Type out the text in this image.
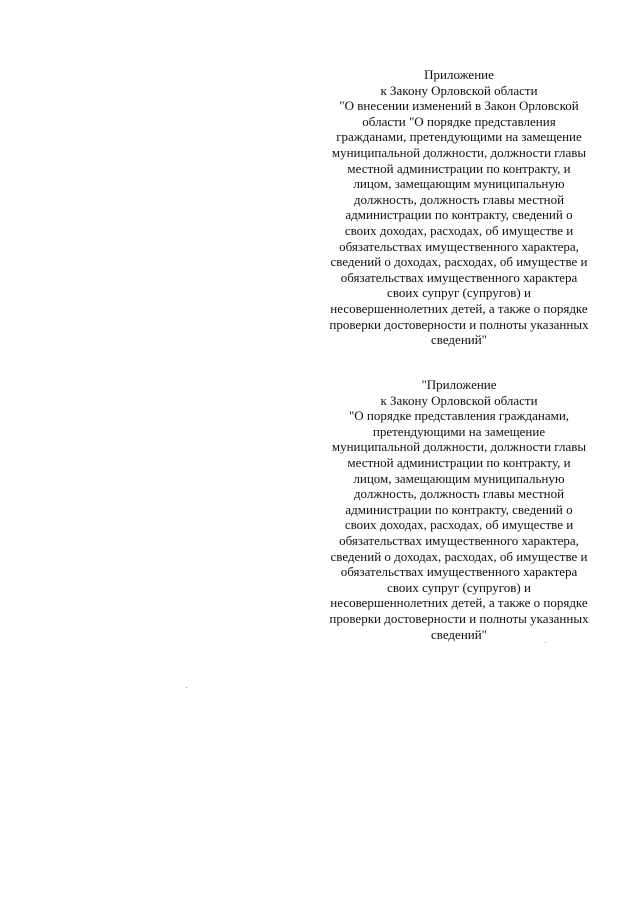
Приложение
к Закону Орловской области
"О внесении изменений в Закон Орловской
области "О порядке представления
гражданами, претендующими на замещение
муниципальной должности, должности главы
местной администрации по контракту, и
лицом, замещающим муниципальную
должность, должность главы местной
администрации по контракту, сведений о
своих доходах, расходах, об имуществе и
обязательствах имущественного характера,
сведений о доходах, расходах, об имуществе и
обязательствах имущественного характера
своих супруг (супругов) и
несовершеннолетних детей, а также о порядке
проверки достоверности и полноты указанных
сведений"
"Приложение
к Закону Орловской области
"О порядке представления гражданами,
претендующими на замещение
муниципальной должности, должности главы
местной администрации по контракту, и
лицом, замещающим муниципальную
должность, должность главы местной
администрации по контракту, сведений о
своих доходах, расходах, об имуществе и
обязательствах имущественного характера,
сведений о доходах, расходах, об имуществе и
обязательствах имущественного характера
своих супруг (супругов) и
несовершеннолетних детей, а также о порядке
проверки достоверности и полноты указанных
сведений"
